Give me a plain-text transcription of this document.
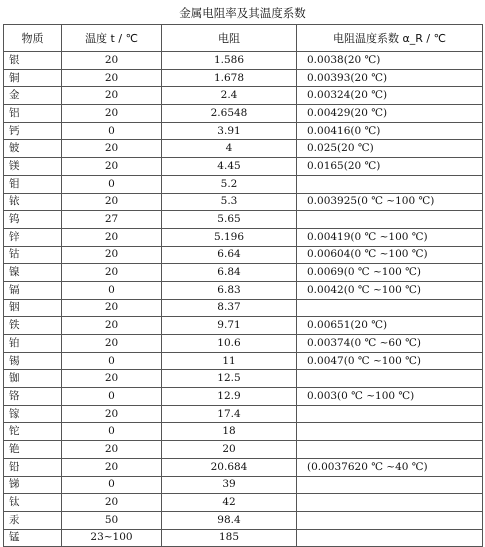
金属电阻率及其温度系数
物质	温度 t / ℃	电阻	电阻温度系数 α_R / ℃
银	20	1.586	0.0038(20 ℃)
铜	20	1.678	0.00393(20 ℃)
金	20	2.4	0.00324(20 ℃)
铝	20	2.6548	0.00429(20 ℃)
钙	0	3.91	0.00416(0 ℃)
铍	20	4	0.025(20 ℃)
镁	20	4.45	0.0165(20 ℃)
钼	0	5.2	
铱	20	5.3	0.003925(0 ℃ ~100 ℃)
钨	27	5.65	
锌	20	5.196	0.00419(0 ℃ ~100 ℃)
钴	20	6.64	0.00604(0 ℃ ~100 ℃)
镍	20	6.84	0.0069(0 ℃ ~100 ℃)
镉	0	6.83	0.0042(0 ℃ ~100 ℃)
铟	20	8.37	
铁	20	9.71	0.00651(20 ℃)
铂	20	10.6	0.00374(0 ℃ ~60 ℃)
锡	0	11	0.0047(0 ℃ ~100 ℃)
铷	20	12.5	
铬	0	12.9	0.003(0 ℃ ~100 ℃)
镓	20	17.4	
铊	0	18	
铯	20	20	
铅	20	20.684	(0.0037620 ℃ ~40 ℃)
锑	0	39	
钛	20	42	
汞	50	98.4	
锰	23~100	185	
